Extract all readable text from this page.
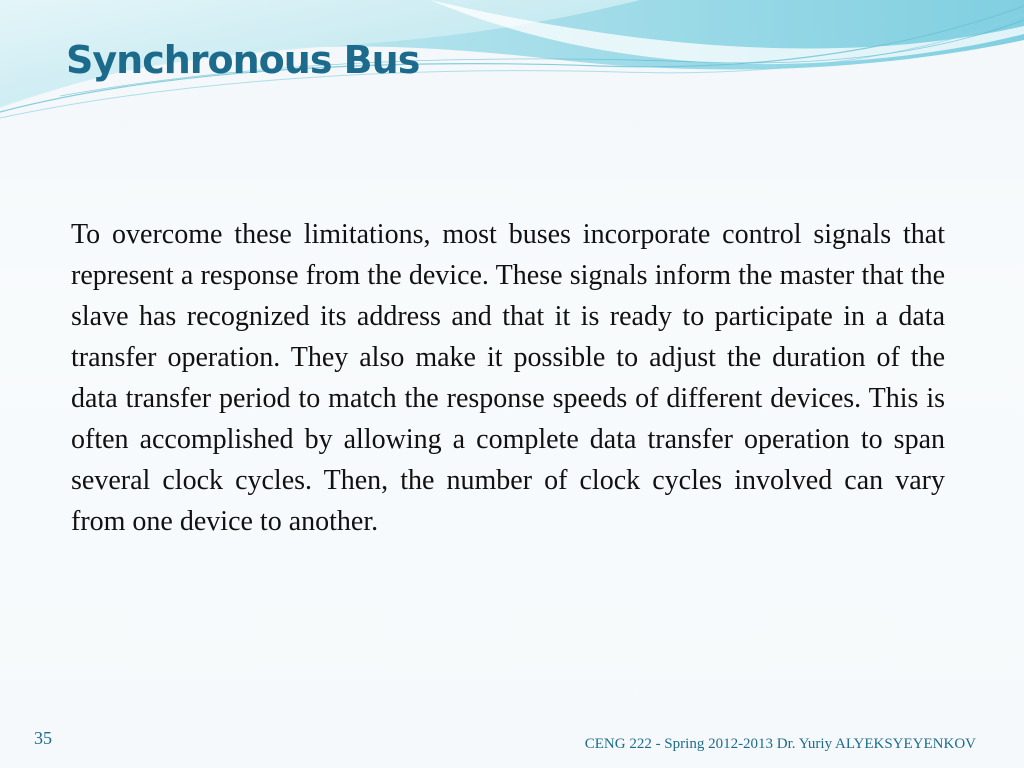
Synchronous Bus

To overcome these limitations, most buses incorporate control signals that represent a response from the device. These signals inform the master that the slave has recognized its address and that it is ready to participate in a data transfer operation. They also make it possible to adjust the duration of the data transfer period to match the response speeds of different devices. This is often accomplished by allowing a complete data transfer operation to span several clock cycles. Then, the number of clock cycles involved can vary from one device to another.

35	CENG 222 - Spring 2012-2013 Dr. Yuriy ALYEKSYEYENKOV
